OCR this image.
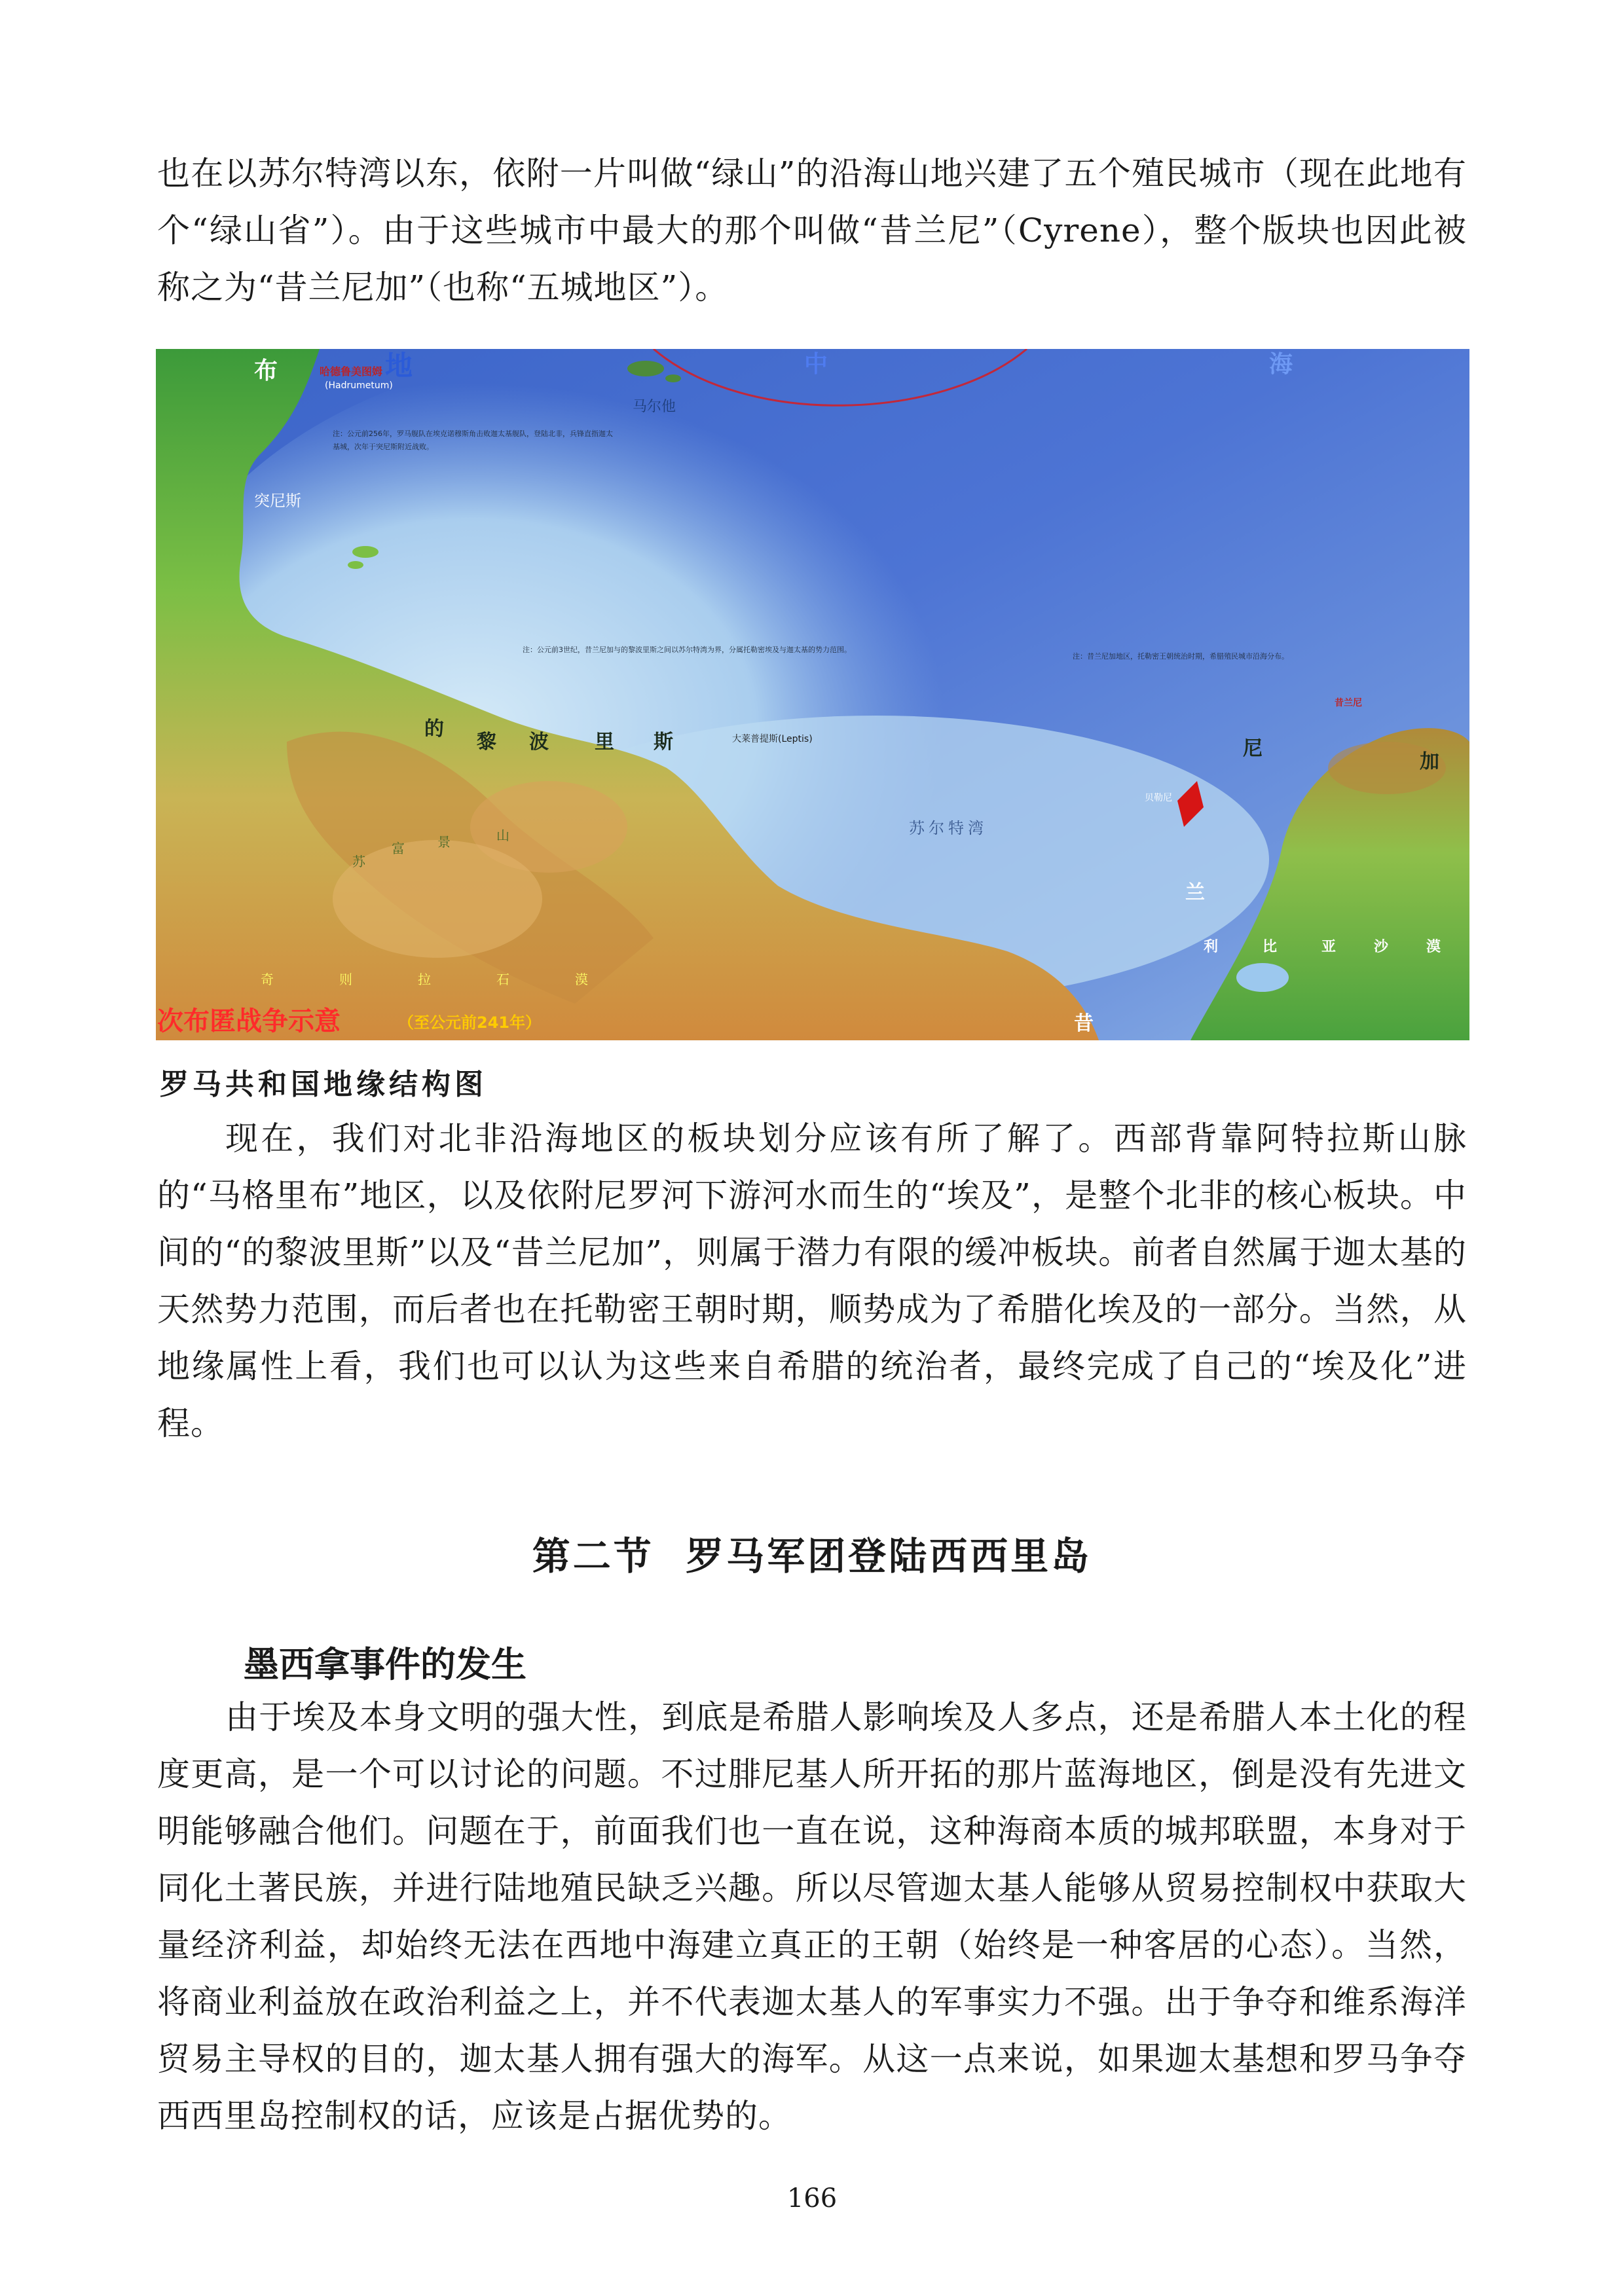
也在以苏尔特湾以东，依附一片叫做“绿山”的沿海山地兴建了五个殖民城市（现在此地有个“绿山省”）。由于这些城市中最大的那个叫做“昔兰尼”（Cyrene），整个版块也因此被称之为“昔兰尼加”（也称“五城地区”）。

布	地	中	海
马尔他
哈德鲁美图姆
(Hadrumetum)
突尼斯
的
黎 波 里 斯	大莱普提斯(Leptis)
苏尔特湾
尼
加
兰
昔
昔兰尼
贝勒尼
利	比	亚	沙	漠
苏
富	景	山
奇	则	拉	石	漠
注：公元前256年，罗马舰队在埃克诺穆斯角击败迦太基舰队，登陆北非，兵锋直指迦太基城，次年于突尼斯附近战败。
注：公元前3世纪，昔兰尼加与的黎波里斯之间以苏尔特湾为界，分属托勒密埃及与迦太基的势力范围。
注：昔兰尼加地区，托勒密王朝统治时期，希腊殖民城市沿海分布。
次布匿战争示意	（至公元前241年）

罗马共和国地缘结构图

现在，我们对北非沿海地区的板块划分应该有所了解了。西部背靠阿特拉斯山脉的“马格里布”地区，以及依附尼罗河下游河水而生的“埃及”，是整个北非的核心板块。中间的“的黎波里斯”以及“昔兰尼加”，则属于潜力有限的缓冲板块。前者自然属于迦太基的天然势力范围，而后者也在托勒密王朝时期，顺势成为了希腊化埃及的一部分。当然，从地缘属性上看，我们也可以认为这些来自希腊的统治者，最终完成了自己的“埃及化”进程。

第二节  罗马军团登陆西西里岛
墨西拿事件的发生

由于埃及本身文明的强大性，到底是希腊人影响埃及人多点，还是希腊人本土化的程度更高，是一个可以讨论的问题。不过腓尼基人所开拓的那片蓝海地区，倒是没有先进文明能够融合他们。问题在于，前面我们也一直在说，这种海商本质的城邦联盟，本身对于同化土著民族，并进行陆地殖民缺乏兴趣。所以尽管迦太基人能够从贸易控制权中获取大量经济利益，却始终无法在西地中海建立真正的王朝（始终是一种客居的心态）。当然，将商业利益放在政治利益之上，并不代表迦太基人的军事实力不强。出于争夺和维系海洋贸易主导权的目的，迦太基人拥有强大的海军。从这一点来说，如果迦太基想和罗马争夺西西里岛控制权的话，应该是占据优势的。

166
